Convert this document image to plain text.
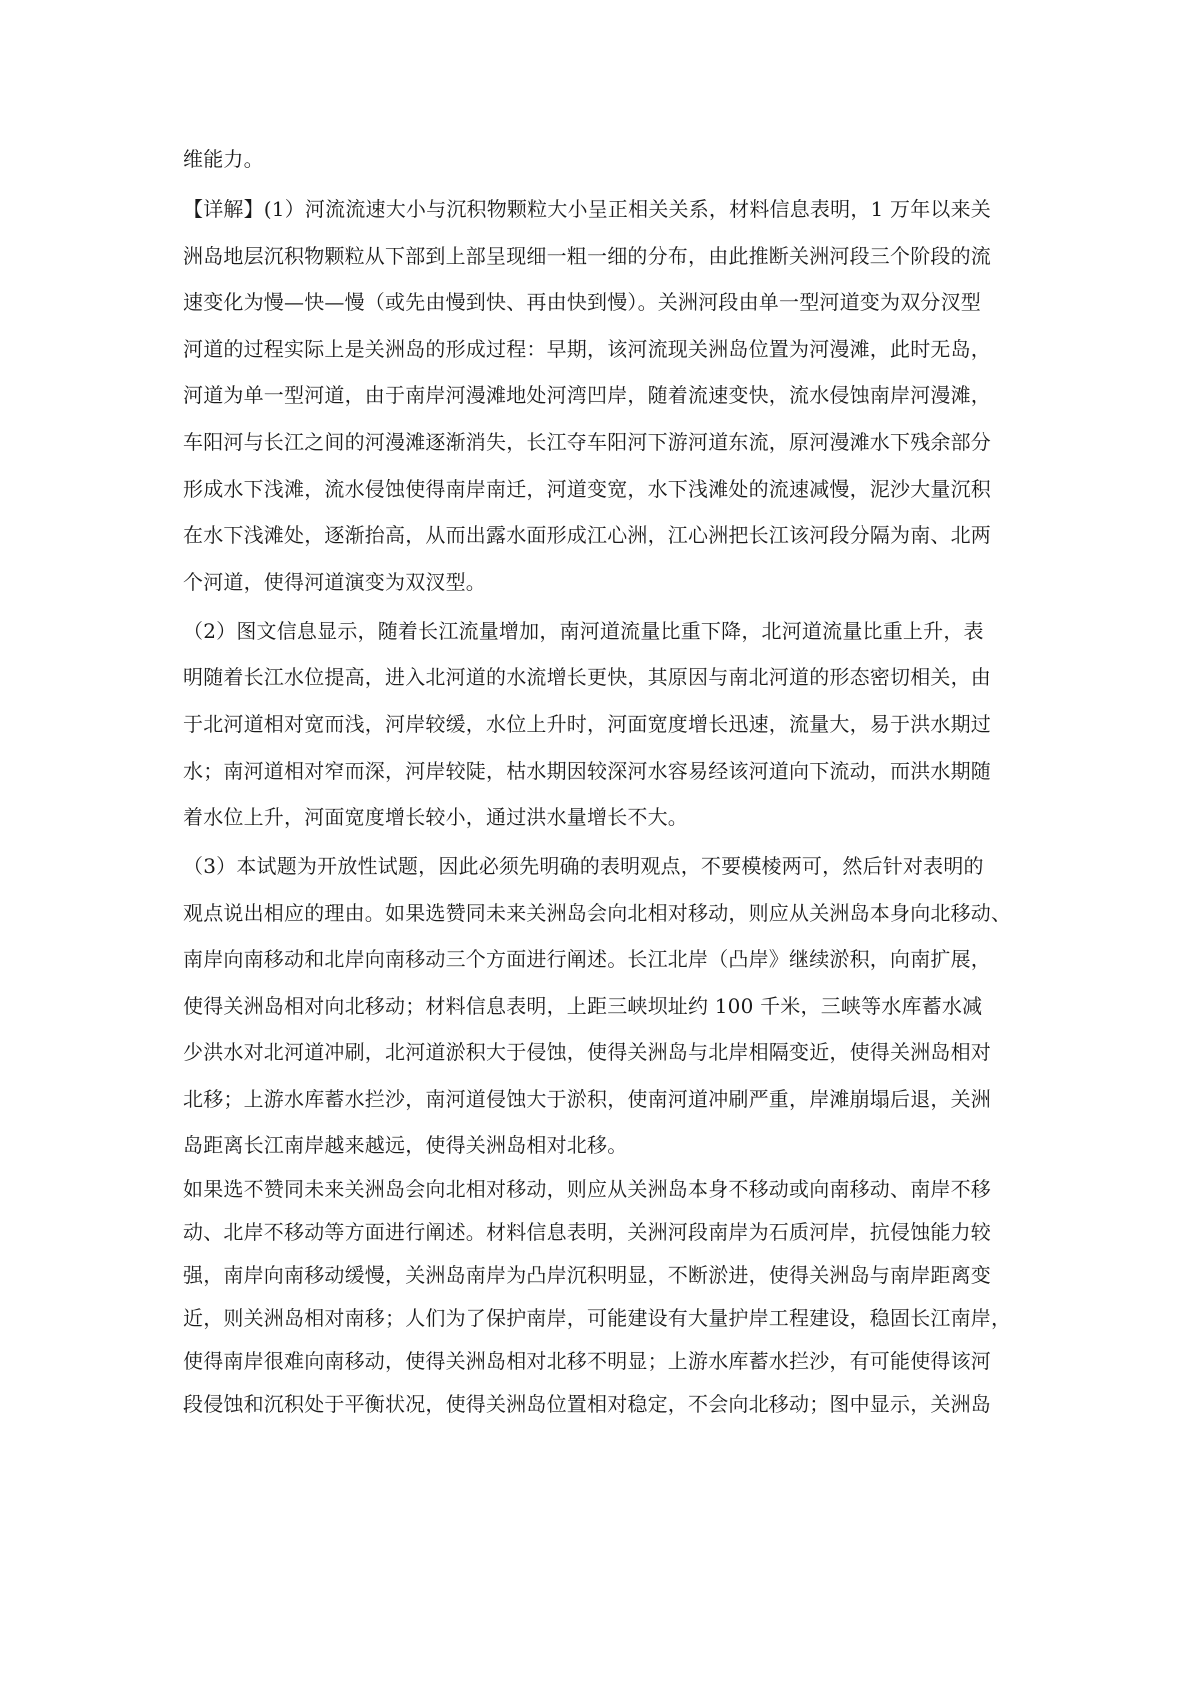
维能力。
【详解】(1）河流流速大小与沉积物颗粒大小呈正相关关系，材料信息表明，1 万年以来关
洲岛地层沉积物颗粒从下部到上部呈现细一粗一细的分布，由此推断关洲河段三个阶段的流
速变化为慢—快—慢（或先由慢到快、再由快到慢）。关洲河段由单一型河道变为双分汊型
河道的过程实际上是关洲岛的形成过程：早期，该河流现关洲岛位置为河漫滩，此时无岛，
河道为单一型河道，由于南岸河漫滩地处河湾凹岸，随着流速变快，流水侵蚀南岸河漫滩，
车阳河与长江之间的河漫滩逐渐消失，长江夺车阳河下游河道东流，原河漫滩水下残余部分
形成水下浅滩，流水侵蚀使得南岸南迁，河道变宽，水下浅滩处的流速减慢，泥沙大量沉积
在水下浅滩处，逐渐抬高，从而出露水面形成江心洲，江心洲把长江该河段分隔为南、北两
个河道，使得河道演变为双汊型。
（2）图文信息显示，随着长江流量增加，南河道流量比重下降，北河道流量比重上升，表
明随着长江水位提高，进入北河道的水流增长更快，其原因与南北河道的形态密切相关，由
于北河道相对宽而浅，河岸较缓，水位上升时，河面宽度增长迅速，流量大，易于洪水期过
水；南河道相对窄而深，河岸较陡，枯水期因较深河水容易经该河道向下流动，而洪水期随
着水位上升，河面宽度增长较小，通过洪水量增长不大。
（3）本试题为开放性试题，因此必须先明确的表明观点，不要模棱两可，然后针对表明的
观点说出相应的理由。如果选赞同未来关洲岛会向北相对移动，则应从关洲岛本身向北移动、
南岸向南移动和北岸向南移动三个方面进行阐述。长江北岸（凸岸》继续淤积，向南扩展，
使得关洲岛相对向北移动；材料信息表明，上距三峡坝址约 100 千米，三峡等水库蓄水减
少洪水对北河道冲刷，北河道淤积大于侵蚀，使得关洲岛与北岸相隔变近，使得关洲岛相对
北移；上游水库蓄水拦沙，南河道侵蚀大于淤积，使南河道冲刷严重，岸滩崩塌后退，关洲
岛距离长江南岸越来越远，使得关洲岛相对北移。
如果选不赞同未来关洲岛会向北相对移动，则应从关洲岛本身不移动或向南移动、南岸不移
动、北岸不移动等方面进行阐述。材料信息表明，关洲河段南岸为石质河岸，抗侵蚀能力较
强，南岸向南移动缓慢，关洲岛南岸为凸岸沉积明显，不断淤进，使得关洲岛与南岸距离变
近，则关洲岛相对南移；人们为了保护南岸，可能建设有大量护岸工程建设，稳固长江南岸，
使得南岸很难向南移动，使得关洲岛相对北移不明显；上游水库蓄水拦沙，有可能使得该河
段侵蚀和沉积处于平衡状况，使得关洲岛位置相对稳定，不会向北移动；图中显示，关洲岛
